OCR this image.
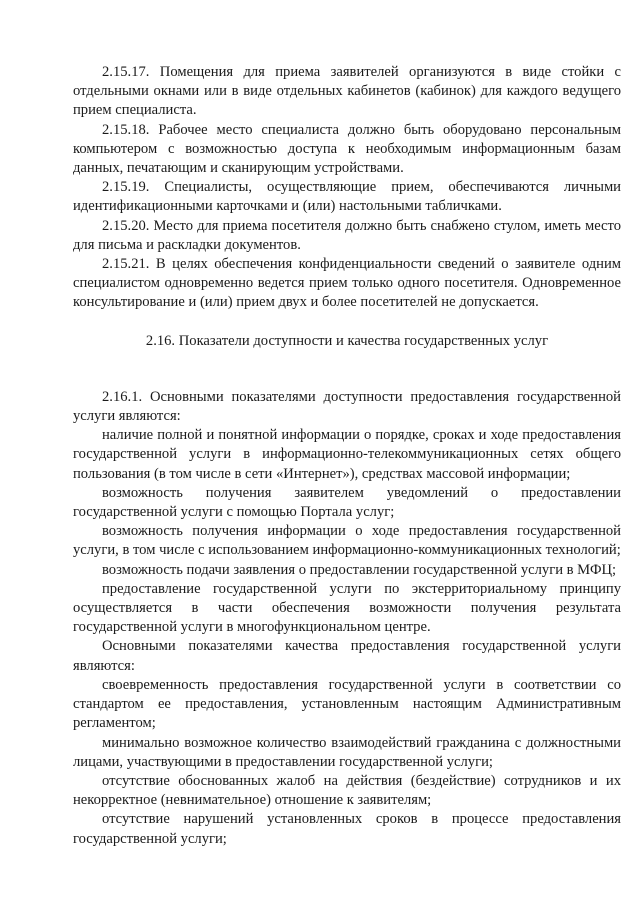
2.15.17. Помещения для приема заявителей организуются в виде стойки с отдельными окнами или в виде отдельных кабинетов (кабинок) для каждого ведущего прием специалиста.

2.15.18. Рабочее место специалиста должно быть оборудовано персональным компьютером с возможностью доступа к необходимым информационным базам данных, печатающим и сканирующим устройствами.

2.15.19. Специалисты, осуществляющие прием, обеспечиваются личными идентификационными карточками и (или) настольными табличками.

2.15.20. Место для приема посетителя должно быть снабжено стулом, иметь место для письма и раскладки документов.

2.15.21. В целях обеспечения конфиденциальности сведений о заявителе одним специалистом одновременно ведется прием только одного посетителя. Одновременное консультирование и (или) прием двух и более посетителей не допускается.

2.16. Показатели доступности и качества государственных услуг

2.16.1. Основными показателями доступности предоставления государственной услуги являются:

наличие полной и понятной информации о порядке, сроках и ходе предоставления государственной услуги в информационно-телекоммуникационных сетях общего пользования (в том числе в сети «Интернет»), средствах массовой информации;

возможность получения заявителем уведомлений о предоставлении государственной услуги с помощью Портала услуг;

возможность получения информации о ходе предоставления государственной услуги, в том числе с использованием информационно-коммуникационных технологий;

возможность подачи заявления о предоставлении государственной услуги в МФЦ;

предоставление государственной услуги по экстерриториальному принципу осуществляется в части обеспечения возможности получения результата государственной услуги в многофункциональном центре.

Основными показателями качества предоставления государственной услуги являются:

своевременность предоставления государственной услуги в соответствии со стандартом ее предоставления, установленным настоящим Административным регламентом;

минимально возможное количество взаимодействий гражданина с должностными лицами, участвующими в предоставлении государственной услуги;

отсутствие обоснованных жалоб на действия (бездействие) сотрудников и их некорректное (невнимательное) отношение к заявителям;

отсутствие нарушений установленных сроков в процессе предоставления государственной услуги;
